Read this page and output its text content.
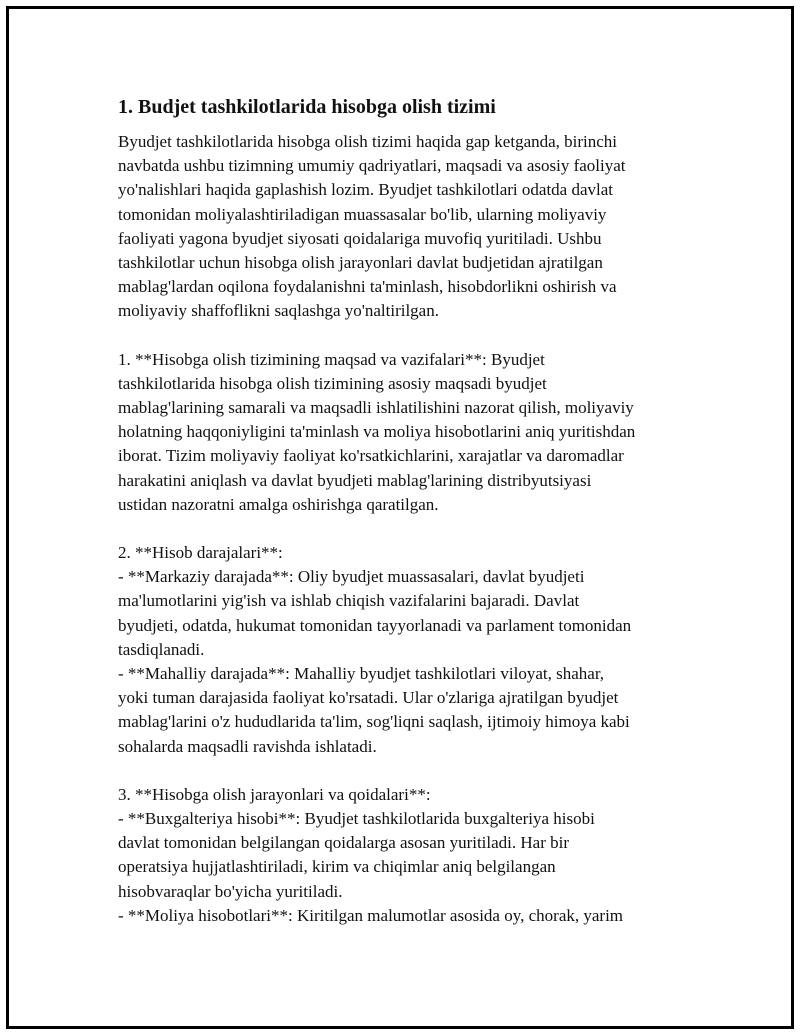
1. Budjet tashkilotlarida hisobga olish tizimi

Byudjet tashkilotlarida hisobga olish tizimi haqida gap ketganda, birinchi
navbatda ushbu tizimning umumiy qadriyatlari, maqsadi va asosiy faoliyat
yo'nalishlari haqida gaplashish lozim. Byudjet tashkilotlari odatda davlat
tomonidan moliyalashtiriladigan muassasalar bo'lib, ularning moliyaviy
faoliyati yagona byudjet siyosati qoidalariga muvofiq yuritiladi. Ushbu
tashkilotlar uchun hisobga olish jarayonlari davlat budjetidan ajratilgan
mablag'lardan oqilona foydalanishni ta'minlash, hisobdorlikni oshirish va
moliyaviy shaffoflikni saqlashga yo'naltirilgan.

1. **Hisobga olish tizimining maqsad va vazifalari**: Byudjet
tashkilotlarida hisobga olish tizimining asosiy maqsadi byudjet
mablag'larining samarali va maqsadli ishlatilishini nazorat qilish, moliyaviy
holatning haqqoniyligini ta'minlash va moliya hisobotlarini aniq yuritishdan
iborat. Tizim moliyaviy faoliyat ko'rsatkichlarini, xarajatlar va daromadlar
harakatini aniqlash va davlat byudjeti mablag'larining distribyutsiyasi
ustidan nazoratni amalga oshirishga qaratilgan.

2. **Hisob darajalari**:
- **Markaziy darajada**: Oliy byudjet muassasalari, davlat byudjeti
ma'lumotlarini yig'ish va ishlab chiqish vazifalarini bajaradi. Davlat
byudjeti, odatda, hukumat tomonidan tayyorlanadi va parlament tomonidan
tasdiqlanadi.
- **Mahalliy darajada**: Mahalliy byudjet tashkilotlari viloyat, shahar,
yoki tuman darajasida faoliyat ko'rsatadi. Ular o'zlariga ajratilgan byudjet
mablag'larini o'z hududlarida ta'lim, sog'liqni saqlash, ijtimoiy himoya kabi
sohalarda maqsadli ravishda ishlatadi.

3. **Hisobga olish jarayonlari va qoidalari**:
- **Buxgalteriya hisobi**: Byudjet tashkilotlarida buxgalteriya hisobi
davlat tomonidan belgilangan qoidalarga asosan yuritiladi. Har bir
operatsiya hujjatlashtiriladi, kirim va chiqimlar aniq belgilangan
hisobvaraqlar bo'yicha yuritiladi.
- **Moliya hisobotlari**: Kiritilgan malumotlar asosida oy, chorak, yarim
